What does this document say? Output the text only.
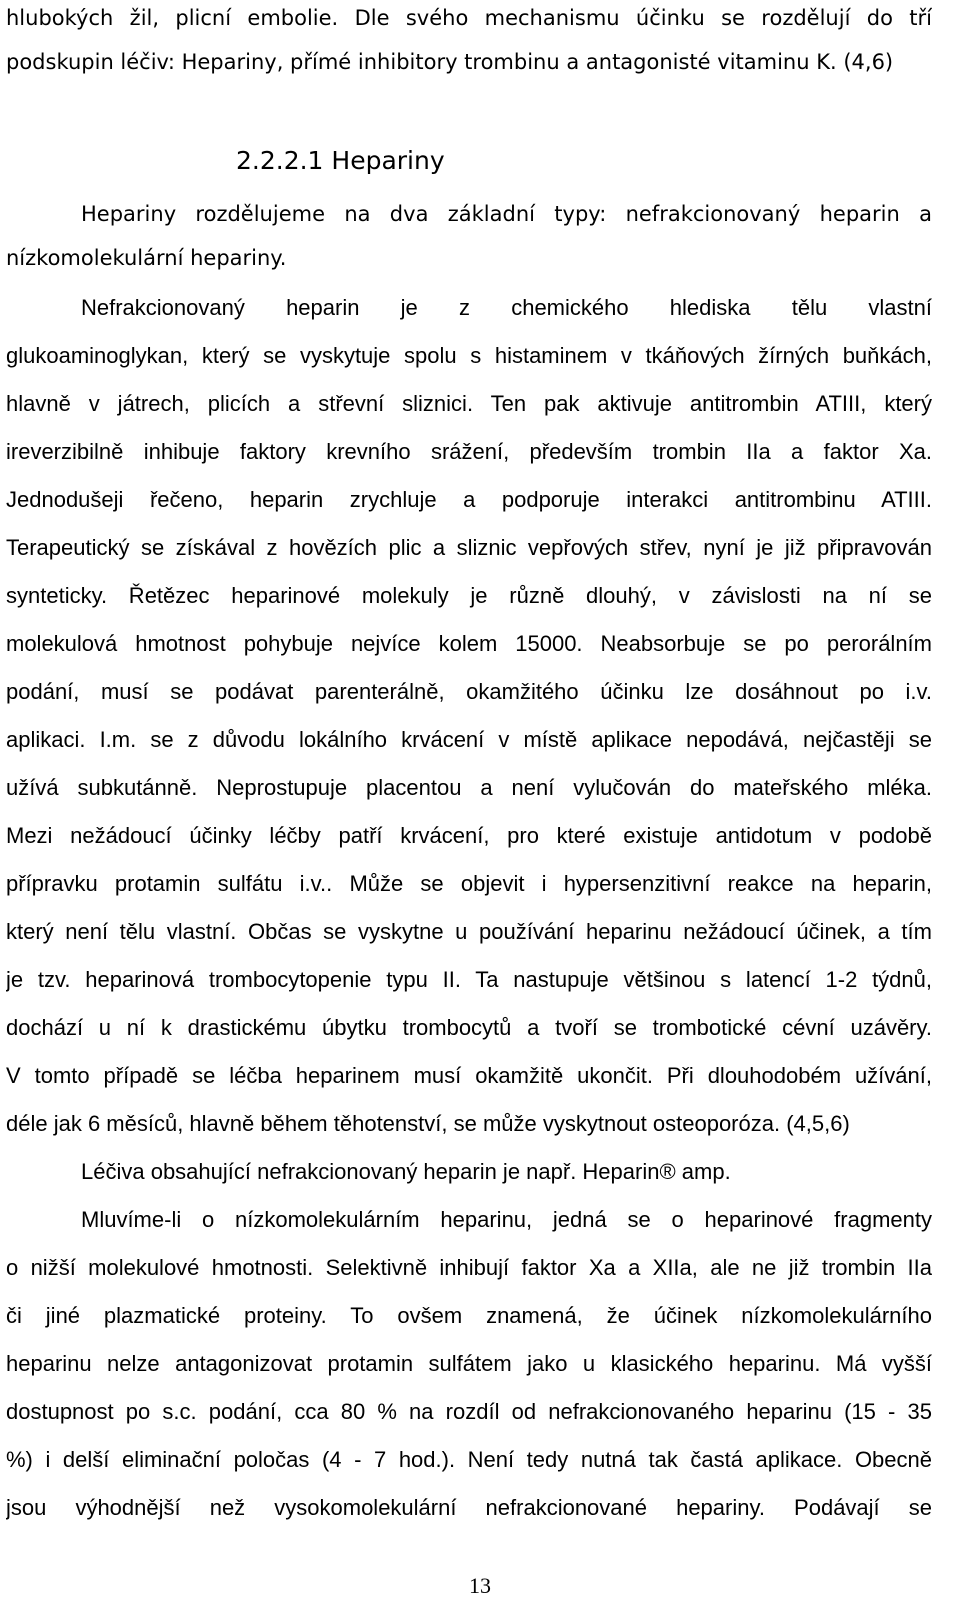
hlubokých žil, plicní embolie. Dle svého mechanismu účinku se rozdělují do tří
podskupin léčiv: Hepariny, přímé inhibitory trombinu a antagonisté vitaminu K. (4,6)
2.2.2.1 Hepariny
Hepariny rozdělujeme na dva základní typy: nefrakcionovaný heparin a
nízkomolekulární hepariny.
Nefrakcionovaný heparin je z chemického hlediska tělu vlastní
glukoaminoglykan, který se vyskytuje spolu s histaminem v tkáňových žírných buňkách,
hlavně v játrech, plicích a střevní sliznici. Ten pak aktivuje antitrombin ATIII, který
ireverzibilně inhibuje faktory krevního srážení, především trombin IIa a faktor Xa.
Jednodušeji řečeno, heparin zrychluje a podporuje interakci antitrombinu ATIII.
Terapeutický se získával z hovězích plic a sliznic vepřových střev, nyní je již připravován
synteticky. Řetězec heparinové molekuly je různě dlouhý, v závislosti na ní se
molekulová hmotnost pohybuje nejvíce kolem 15000. Neabsorbuje se po perorálním
podání, musí se podávat parenterálně, okamžitého účinku lze dosáhnout po i.v.
aplikaci. I.m. se z důvodu lokálního krvácení v místě aplikace nepodává, nejčastěji se
užívá subkutánně. Neprostupuje placentou a není vylučován do mateřského mléka.
Mezi nežádoucí účinky léčby patří krvácení, pro které existuje antidotum v podobě
přípravku protamin sulfátu i.v.. Může se objevit i hypersenzitivní reakce na heparin,
který není tělu vlastní. Občas se vyskytne u používání heparinu nežádoucí účinek, a tím
je tzv. heparinová trombocytopenie typu II. Ta nastupuje většinou s latencí 1-2 týdnů,
dochází u ní k drastickému úbytku trombocytů a tvoří se trombotické cévní uzávěry.
V tomto případě se léčba heparinem musí okamžitě ukončit. Při dlouhodobém užívání,
déle jak 6 měsíců, hlavně během těhotenství, se může vyskytnout osteoporóza. (4,5,6)
Léčiva obsahující nefrakcionovaný heparin je např. Heparin® amp.
Mluvíme-li o nízkomolekulárním heparinu, jedná se o heparinové fragmenty
o nižší molekulové hmotnosti. Selektivně inhibují faktor Xa a XIIa, ale ne již trombin IIa
či jiné plazmatické proteiny. To ovšem znamená, že účinek nízkomolekulárního
heparinu nelze antagonizovat protamin sulfátem jako u klasického heparinu. Má vyšší
dostupnost po s.c. podání, cca 80 % na rozdíl od nefrakcionovaného heparinu (15 - 35
%) i delší eliminační poločas (4 - 7 hod.). Není tedy nutná tak častá aplikace. Obecně
jsou výhodnější než vysokomolekulární nefrakcionované hepariny. Podávají se
13
